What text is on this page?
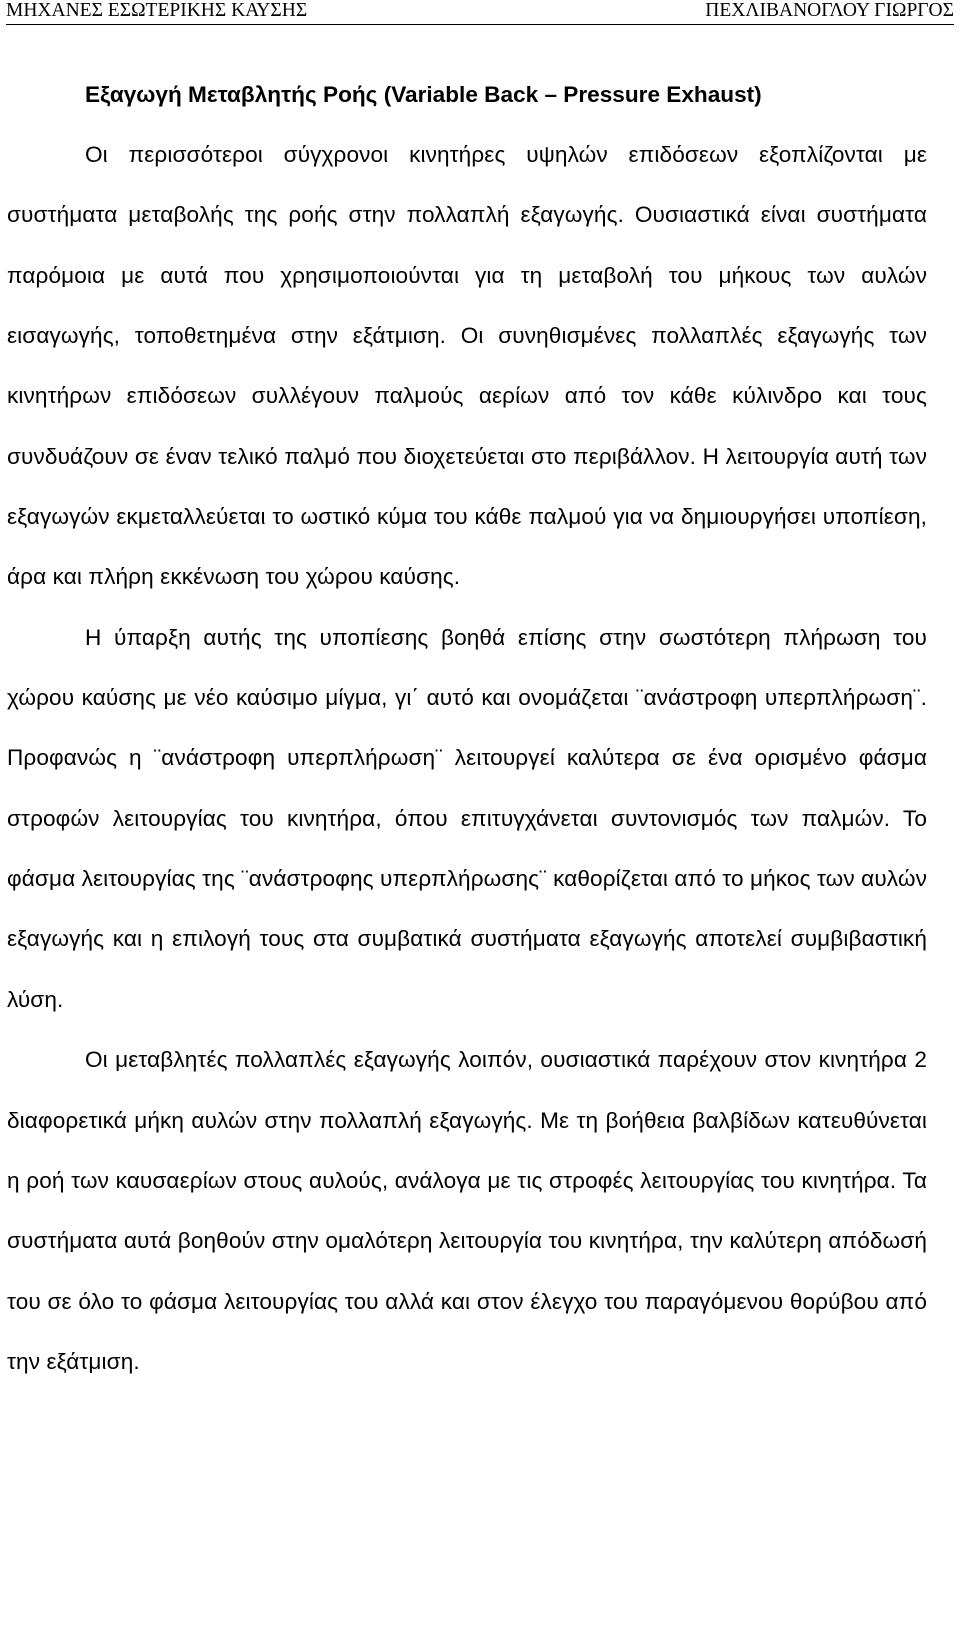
ΜΗΧΑΝΕΣ ΕΣΩΤΕΡΙΚΗΣ ΚΑΥΣΗΣ	ΠΕΧΛΙΒΑΝΟΓΛΟΥ ΓΙΩΡΓΟΣ
Εξαγωγή Μεταβλητής Ροής (Variable Back – Pressure Exhaust)

Οι περισσότεροι σύγχρονοι κινητήρες υψηλών επιδόσεων εξοπλίζονται με συστήματα μεταβολής της ροής στην πολλαπλή εξαγωγής. Ουσιαστικά είναι συστήματα παρόμοια με αυτά που χρησιμοποιούνται για τη μεταβολή του μήκους των αυλών εισαγωγής, τοποθετημένα στην εξάτμιση. Οι συνηθισμένες πολλαπλές εξαγωγής των κινητήρων επιδόσεων συλλέγουν παλμούς αερίων από τον κάθε κύλινδρο και τους συνδυάζουν σε έναν τελικό παλμό που διοχετεύεται στο περιβάλλον. Η λειτουργία αυτή των εξαγωγών εκμεταλλεύεται το ωστικό κύμα του κάθε παλμού για να δημιουργήσει υποπίεση, άρα και πλήρη εκκένωση του χώρου καύσης.

Η ύπαρξη αυτής της υποπίεσης βοηθά επίσης στην σωστότερη πλήρωση του χώρου καύσης με νέο καύσιμο μίγμα, γι΄ αυτό και ονομάζεται ¨ανάστροφη υπερπλήρωση¨. Προφανώς η ¨ανάστροφη υπερπλήρωση¨ λειτουργεί καλύτερα σε ένα ορισμένο φάσμα στροφών λειτουργίας του κινητήρα, όπου επιτυγχάνεται συντονισμός των παλμών. Το φάσμα λειτουργίας της ¨ανάστροφης υπερπλήρωσης¨ καθορίζεται από το μήκος των αυλών εξαγωγής και η επιλογή τους στα συμβατικά συστήματα εξαγωγής αποτελεί συμβιβαστική λύση.

Οι μεταβλητές πολλαπλές εξαγωγής λοιπόν, ουσιαστικά παρέχουν στον κινητήρα 2 διαφορετικά μήκη αυλών στην πολλαπλή εξαγωγής. Με τη βοήθεια βαλβίδων κατευθύνεται η ροή των καυσαερίων στους αυλούς, ανάλογα με τις στροφές λειτουργίας του κινητήρα. Τα συστήματα αυτά βοηθούν στην ομαλότερη λειτουργία του κινητήρα, την καλύτερη απόδωσή του σε όλο το φάσμα λειτουργίας του αλλά και στον έλεγχο του παραγόμενου θορύβου από την εξάτμιση.
